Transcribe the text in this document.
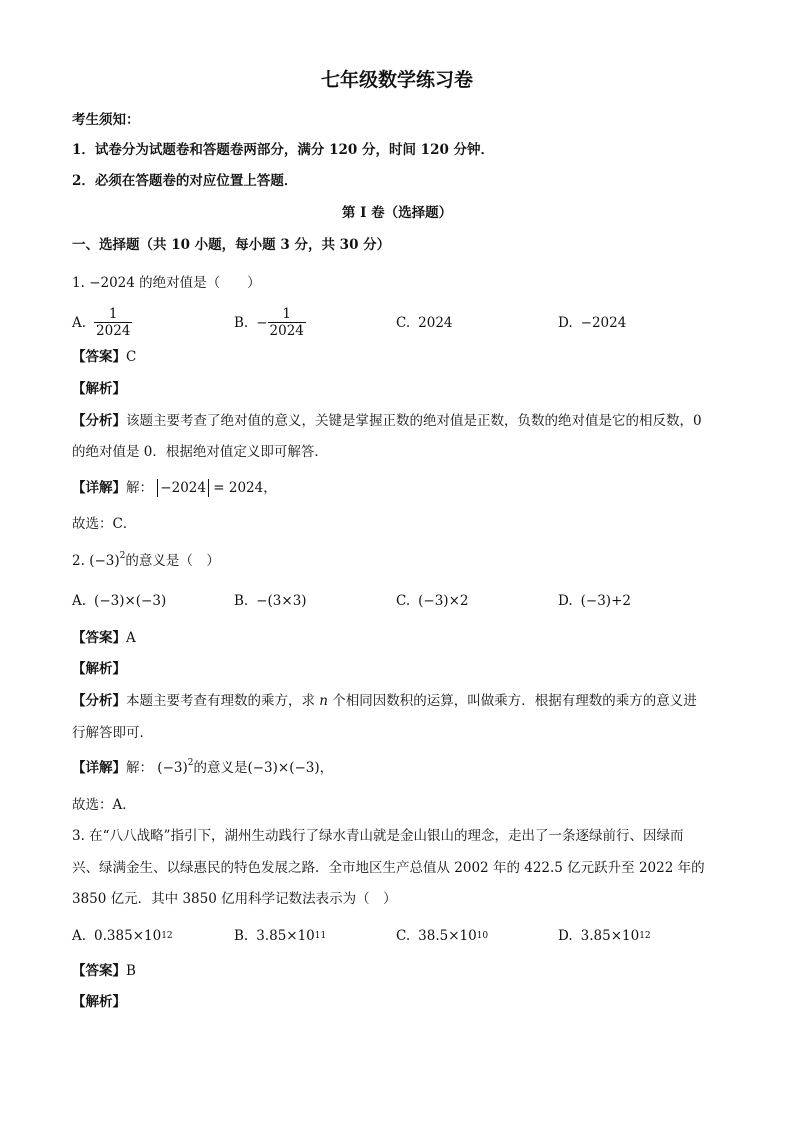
七年级数学练习卷
考生须知：
1．试卷分为试题卷和答题卷两部分，满分 120 分，时间 120 分钟．
2．必须在答题卷的对应位置上答题．
第 I 卷（选择题）
一、选择题（共 10 小题，每小题 3 分，共 30 分）
1. −2024 的绝对值是（　　）
A. $\frac{1}{2024}$	B. − $\frac{1}{2024}$	C. 2024	D. −2024
【答案】C
【解析】
【分析】该题主要考查了绝对值的意义，关键是掌握正数的绝对值是正数，负数的绝对值是它的相反数，0
的绝对值是 0．根据绝对值定义即可解答．
【详解】解： −2024 = 2024，
故选：C．
2. $(-3)^2$的意义是（　）
A. (−3)×(−3)	B. −(3×3)	C. (−3)×2	D. (−3)+2
【答案】A
【解析】
【分析】本题主要考查有理数的乘方，求 n 个相同因数积的运算，叫做乘方．根据有理数的乘方的意义进
行解答即可．
【详解】解： $(-3)^2$的意义是(−3)×(−3)，
故选：A．
3. 在“八八战略”指引下，湖州生动践行了绿水青山就是金山银山的理念，走出了一条逐绿前行、因绿而
兴、绿满金生、以绿惠民的特色发展之路．全市地区生产总值从 2002 年的 422.5 亿元跃升至 2022 年的
3850 亿元．其中 3850 亿用科学记数法表示为（　）
A. 0.385×10 12	B. 3.85×10 11	C. 38.5×10 10	D. 3.85×10 12
【答案】B
【解析】
